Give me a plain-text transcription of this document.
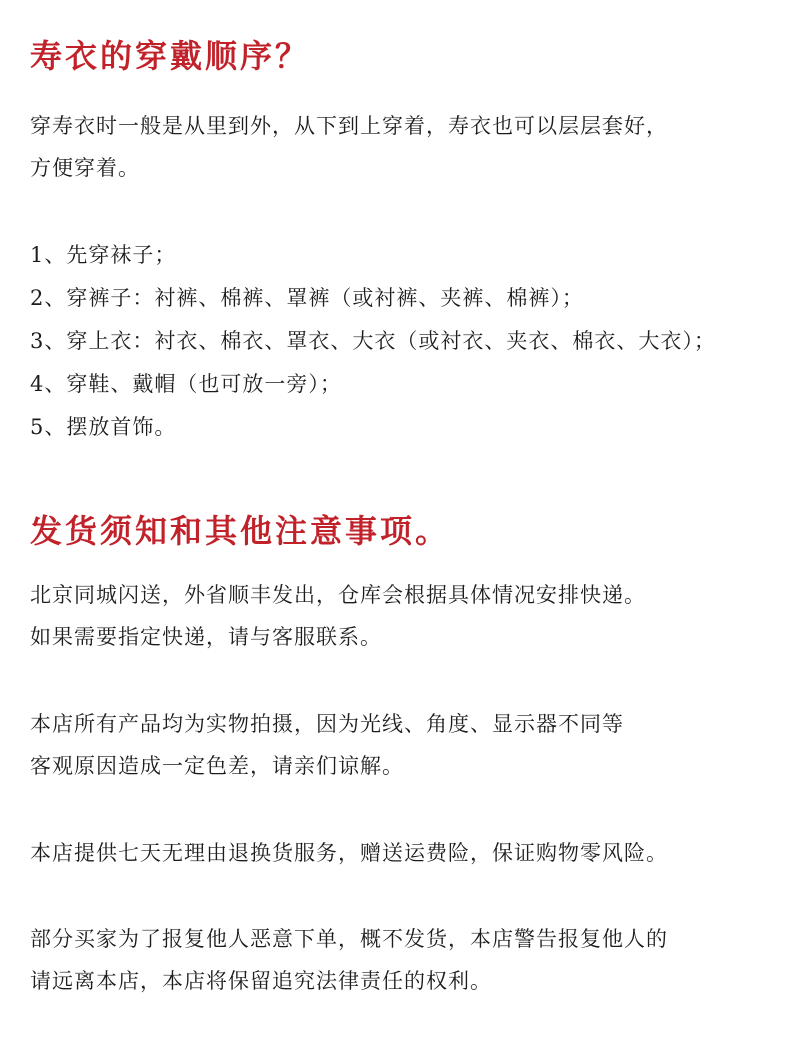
寿衣的穿戴顺序？

穿寿衣时一般是从里到外，从下到上穿着，寿衣也可以层层套好，
方便穿着。

1、先穿袜子；
2、穿裤子：衬裤、棉裤、罩裤（或衬裤、夹裤、棉裤）；
3、穿上衣：衬衣、棉衣、罩衣、大衣（或衬衣、夹衣、棉衣、大衣）；
4、穿鞋、戴帽（也可放一旁）；
5、摆放首饰。
发货须知和其他注意事项。

北京同城闪送，外省顺丰发出，仓库会根据具体情况安排快递。
如果需要指定快递，请与客服联系。

本店所有产品均为实物拍摄，因为光线、角度、显示器不同等
客观原因造成一定色差，请亲们谅解。

本店提供七天无理由退换货服务，赠送运费险，保证购物零风险。

部分买家为了报复他人恶意下单，概不发货，本店警告报复他人的
请远离本店，本店将保留追究法律责任的权利。
